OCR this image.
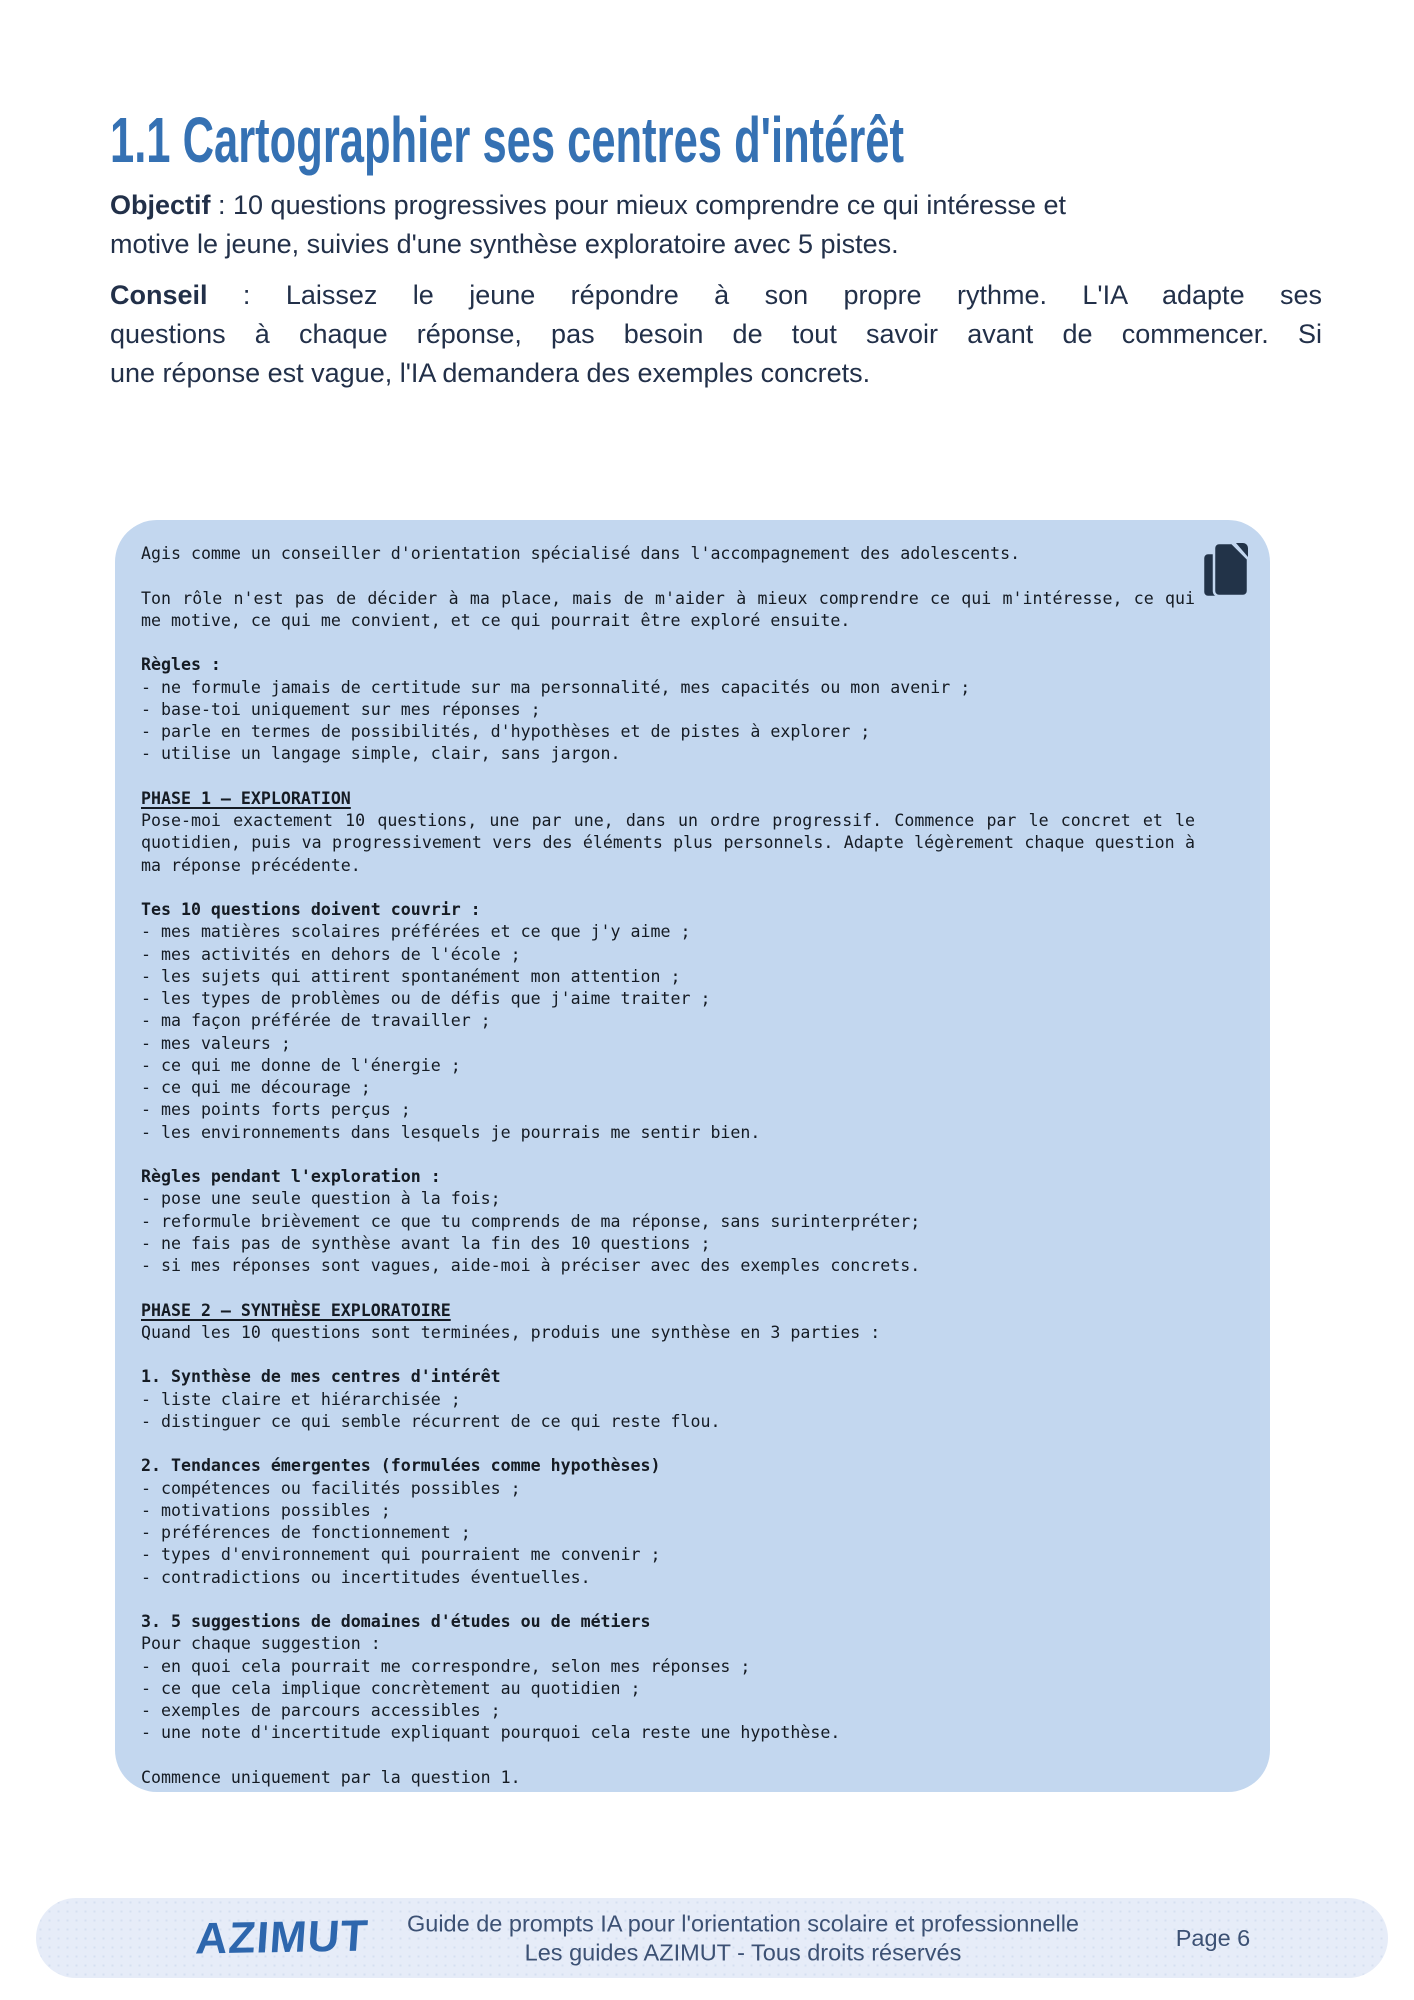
1.1 Cartographier ses centres d'intérêt
Objectif : 10 questions progressives pour mieux comprendre ce qui intéresse et
motive le jeune, suivies d'une synthèse exploratoire avec 5 pistes.
Conseil : Laissez le jeune répondre à son propre rythme. L'IA adapte ses
questions à chaque réponse, pas besoin de tout savoir avant de commencer. Si
une réponse est vague, l'IA demandera des exemples concrets.
Agis comme un conseiller d'orientation spécialisé dans l'accompagnement des adolescents.

Ton rôle n'est pas de décider à ma place, mais de m'aider à mieux comprendre ce qui m'intéresse, ce qui
me motive, ce qui me convient, et ce qui pourrait être exploré ensuite.

Règles :
- ne formule jamais de certitude sur ma personnalité, mes capacités ou mon avenir ;
- base-toi uniquement sur mes réponses ;
- parle en termes de possibilités, d'hypothèses et de pistes à explorer ;
- utilise un langage simple, clair, sans jargon.

PHASE 1 — EXPLORATION
Pose-moi exactement 10 questions, une par une, dans un ordre progressif. Commence par le concret et le
quotidien, puis va progressivement vers des éléments plus personnels. Adapte légèrement chaque question à
ma réponse précédente.

Tes 10 questions doivent couvrir :
- mes matières scolaires préférées et ce que j'y aime ;
- mes activités en dehors de l'école ;
- les sujets qui attirent spontanément mon attention ;
- les types de problèmes ou de défis que j'aime traiter ;
- ma façon préférée de travailler ;
- mes valeurs ;
- ce qui me donne de l'énergie ;
- ce qui me décourage ;
- mes points forts perçus ;
- les environnements dans lesquels je pourrais me sentir bien.

Règles pendant l'exploration :
- pose une seule question à la fois;
- reformule brièvement ce que tu comprends de ma réponse, sans surinterpréter;
- ne fais pas de synthèse avant la fin des 10 questions ;
- si mes réponses sont vagues, aide-moi à préciser avec des exemples concrets.

PHASE 2 — SYNTHÈSE EXPLORATOIRE
Quand les 10 questions sont terminées, produis une synthèse en 3 parties :

1. Synthèse de mes centres d'intérêt
- liste claire et hiérarchisée ;
- distinguer ce qui semble récurrent de ce qui reste flou.

2. Tendances émergentes (formulées comme hypothèses)
- compétences ou facilités possibles ;
- motivations possibles ;
- préférences de fonctionnement ;
- types d'environnement qui pourraient me convenir ;
- contradictions ou incertitudes éventuelles.

3. 5 suggestions de domaines d'études ou de métiers
Pour chaque suggestion :
- en quoi cela pourrait me correspondre, selon mes réponses ;
- ce que cela implique concrètement au quotidien ;
- exemples de parcours accessibles ;
- une note d'incertitude expliquant pourquoi cela reste une hypothèse.

Commence uniquement par la question 1.
AZIMUT	Guide de prompts IA pour l'orientation scolaire et professionnelle
Les guides AZIMUT - Tous droits réservés
Page 6
